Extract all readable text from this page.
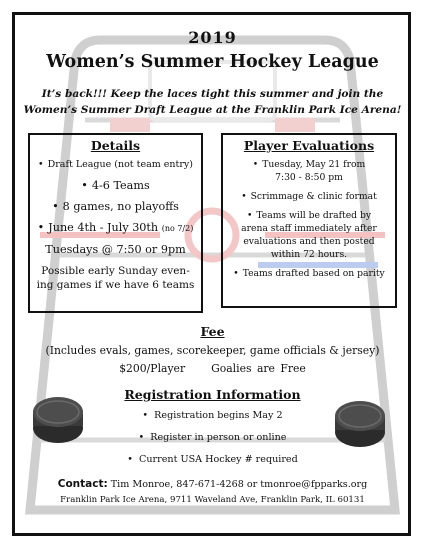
2019
Women’s Summer Hockey League
It’s back!!! Keep the laces tight this summer and join the
Women’s Summer Draft League at the Franklin Park Ice Arena!
Details
• Draft League (not team entry)
• 4-6 Teams
• 8 games, no playoffs
• June 4th - July 30th (no 7/2)
Tuesdays @ 7:50 or 9pm
Possible early Sunday even-
ing games if we have 6 teams
Player Evaluations
• Tuesday, May 21 from
7:30 - 8:50 pm
• Scrimmage & clinic format
• Teams will be drafted by
arena staff immediately after
evaluations and then posted
within 72 hours.
• Teams drafted based on parity
Fee
(Includes evals, games, scorekeeper, game officials & jersey)
$200/Player Goalies are Free
Registration Information
• Registration begins May 2
• Register in person or online
• Current USA Hockey # required
Contact: Tim Monroe, 847-671-4268 or tmonroe@fpparks.org
Franklin Park Ice Arena, 9711 Waveland Ave, Franklin Park, IL 60131
